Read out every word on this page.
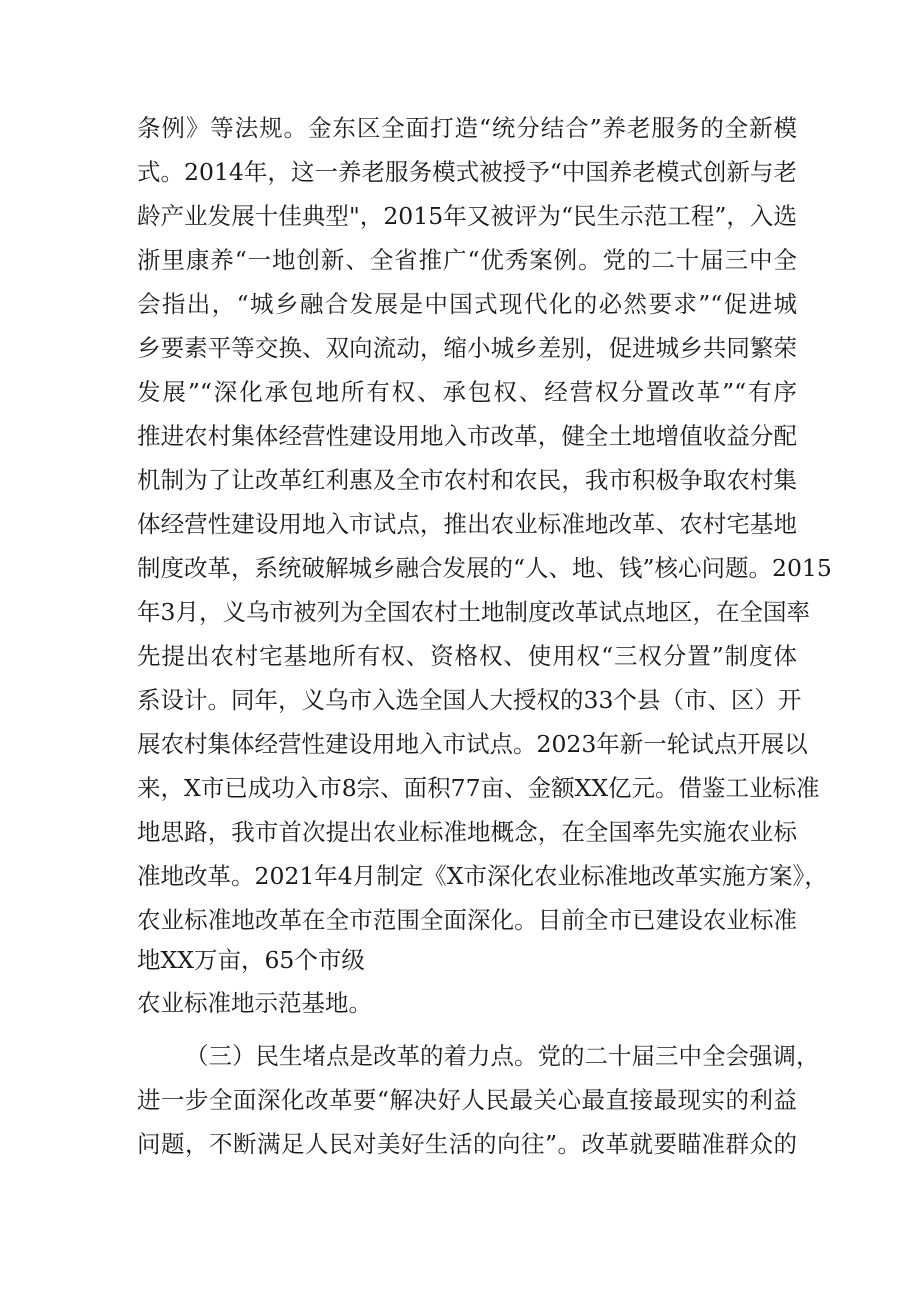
条例》等法规。金东区全面打造“统分结合”养老服务的全新模
式。2014年，这一养老服务模式被授予“中国养老模式创新与老
龄产业发展十佳典型"，2015年又被评为“民生示范工程”，入选
浙里康养“一地创新、全省推广“优秀案例。党的二十届三中全
会指出，“城乡融合发展是中国式现代化的必然要求”“促进城
乡要素平等交换、双向流动，缩小城乡差别，促进城乡共同繁荣
发展”“深化承包地所有权、承包权、经营权分置改革”“有序
推进农村集体经营性建设用地入市改革，健全土地增值收益分配
机制为了让改革红利惠及全市农村和农民，我市积极争取农村集
体经营性建设用地入市试点，推出农业标准地改革、农村宅基地
制度改革，系统破解城乡融合发展的“人、地、钱”核心问题。2015
年3月，义乌市被列为全国农村土地制度改革试点地区，在全国率
先提出农村宅基地所有权、资格权、使用权“三权分置”制度体
系设计。同年，义乌市入选全国人大授权的33个县（市、区）开
展农村集体经营性建设用地入市试点。2023年新一轮试点开展以
来，X市已成功入市8宗、面积77亩、金额XX亿元。借鉴工业标准
地思路，我市首次提出农业标准地概念，在全国率先实施农业标
准地改革。2021年4月制定《X市深化农业标准地改革实施方案》，
农业标准地改革在全市范围全面深化。目前全市已建设农业标准
地XX万亩，65个市级
农业标准地示范基地。
（三）民生堵点是改革的着力点。党的二十届三中全会强调，
进一步全面深化改革要“解决好人民最关心最直接最现实的利益
问题，不断满足人民对美好生活的向往”。改革就要瞄准群众的
